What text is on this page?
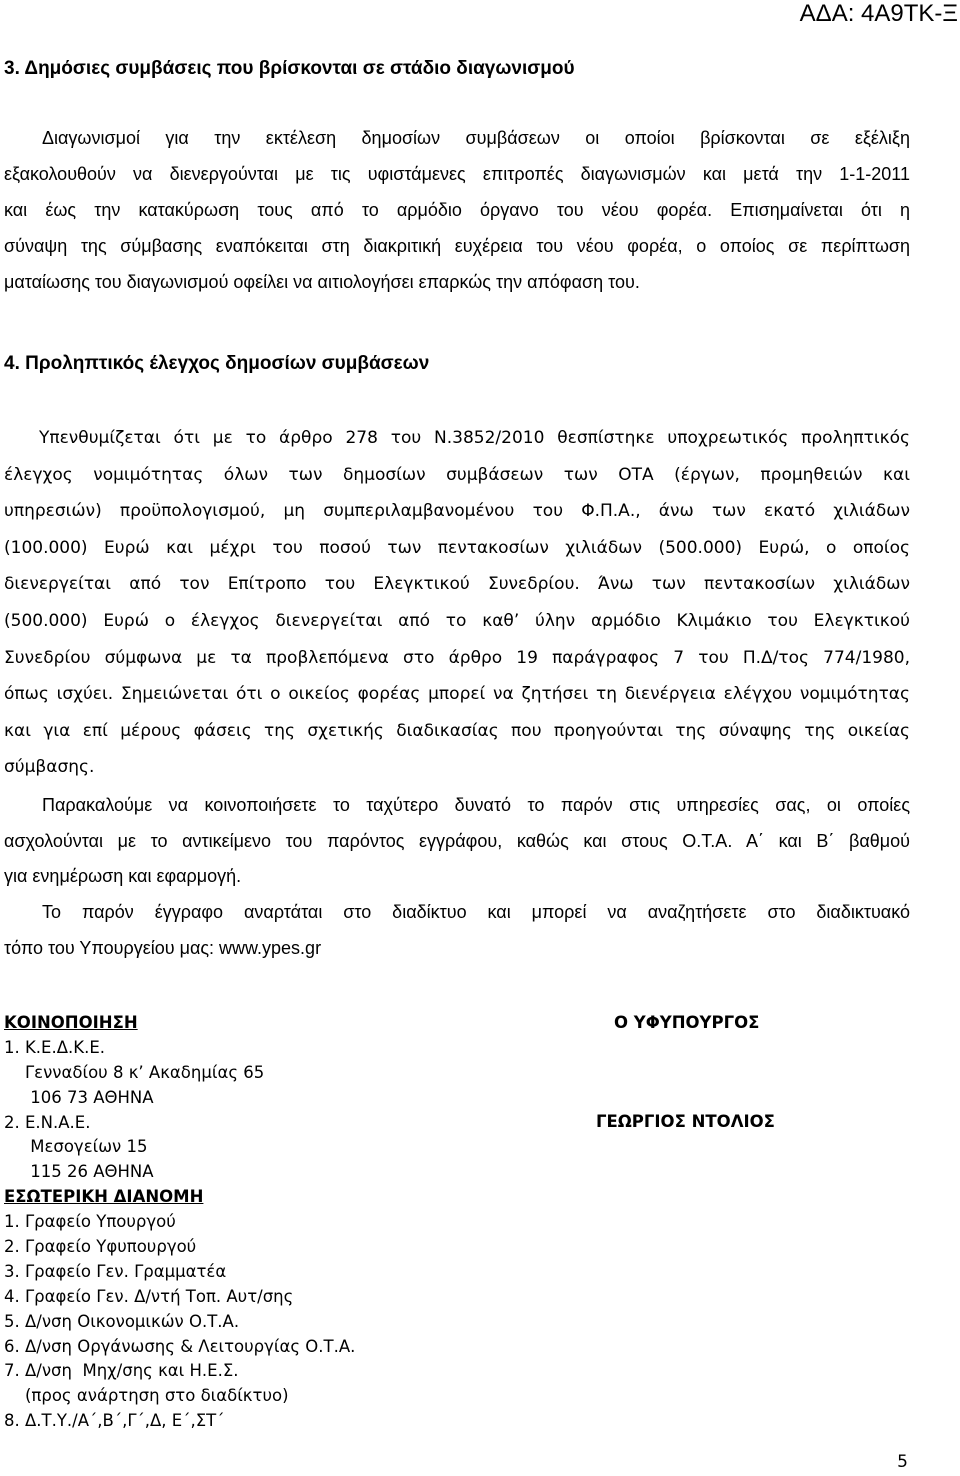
ΑΔΑ: 4Α9ΤΚ-Ξ
3. Δημόσιες συμβάσεις που βρίσκονται σε στάδιο διαγωνισμού
Διαγωνισμοί για την εκτέλεση δημοσίων συμβάσεων οι οποίοι βρίσκονται σε εξέλιξη
εξακολουθούν να διενεργούνται με τις υφιστάμενες επιτροπές διαγωνισμών και μετά την 1-1-2011
και έως την κατακύρωση τους από το αρμόδιο όργανο του νέου φορέα. Επισημαίνεται ότι η
σύναψη της σύμβασης εναπόκειται στη διακριτική ευχέρεια του νέου φορέα, ο οποίος σε περίπτωση
ματαίωσης του διαγωνισμού οφείλει να αιτιολογήσει επαρκώς την απόφαση του.
4. Προληπτικός έλεγχος δημοσίων συμβάσεων
Υπενθυμίζεται ότι με το άρθρο 278 του Ν.3852/2010 θεσπίστηκε υποχρεωτικός προληπτικός
έλεγχος νομιμότητας όλων των δημοσίων συμβάσεων των ΟΤΑ (έργων, προμηθειών και
υπηρεσιών) προϋπολογισμού, μη συμπεριλαμβανομένου του Φ.Π.Α., άνω των εκατό χιλιάδων
(100.000) Ευρώ και μέχρι του ποσού των πεντακοσίων χιλιάδων (500.000) Ευρώ, ο οποίος
διενεργείται από τον Επίτροπο του Ελεγκτικού Συνεδρίου. Άνω των πεντακοσίων χιλιάδων
(500.000) Ευρώ ο έλεγχος διενεργείται από το καθ’ ύλην αρμόδιο Κλιμάκιο του Ελεγκτικού
Συνεδρίου σύμφωνα με τα προβλεπόμενα στο άρθρο 19 παράγραφος 7 του Π.Δ/τος 774/1980,
όπως ισχύει. Σημειώνεται ότι ο οικείος φορέας μπορεί να ζητήσει τη διενέργεια ελέγχου νομιμότητας
και για επί μέρους φάσεις της σχετικής διαδικασίας που προηγούνται της σύναψης της οικείας
σύμβασης.
Παρακαλούμε να κοινοποιήσετε το ταχύτερο δυνατό το παρόν στις υπηρεσίες σας, οι οποίες
ασχολούνται με το αντικείμενο του παρόντος εγγράφου, καθώς και στους Ο.Τ.Α. Α΄ και Β΄ βαθμού
για ενημέρωση και εφαρμογή.
Το παρόν έγγραφο αναρτάται στο διαδίκτυο και μπορεί να αναζητήσετε στο διαδικτυακό
τόπο του Υπουργείου μας: www.ypes.gr
ΚΟΙΝΟΠΟΙΗΣΗ
1. Κ.Ε.Δ.Κ.Ε.
Γενναδίου 8 κ’ Ακαδημίας 65
106 73 ΑΘΗΝΑ
2. Ε.Ν.Α.Ε.
Μεσογείων 15
115 26 ΑΘΗΝΑ
ΕΣΩΤΕΡΙΚΗ ΔΙΑΝΟΜΗ
1. Γραφείο Υπουργού
2. Γραφείο Υφυπουργού
3. Γραφείο Γεν. Γραμματέα
4. Γραφείο Γεν. Δ/ντή Τοπ. Αυτ/σης
5. Δ/νση Οικονομικών Ο.Τ.Α.
6. Δ/νση Οργάνωσης & Λειτουργίας Ο.Τ.Α.
7. Δ/νση  Μηχ/σης και Η.Ε.Σ.
(προς ανάρτηση στο διαδίκτυο)
8. Δ.Τ.Υ./Α΄,Β΄,Γ΄,Δ, Ε΄,ΣΤ΄
Ο ΥΦΥΠΟΥΡΓΟΣ
ΓΕΩΡΓΙΟΣ ΝΤΟΛΙΟΣ
5
